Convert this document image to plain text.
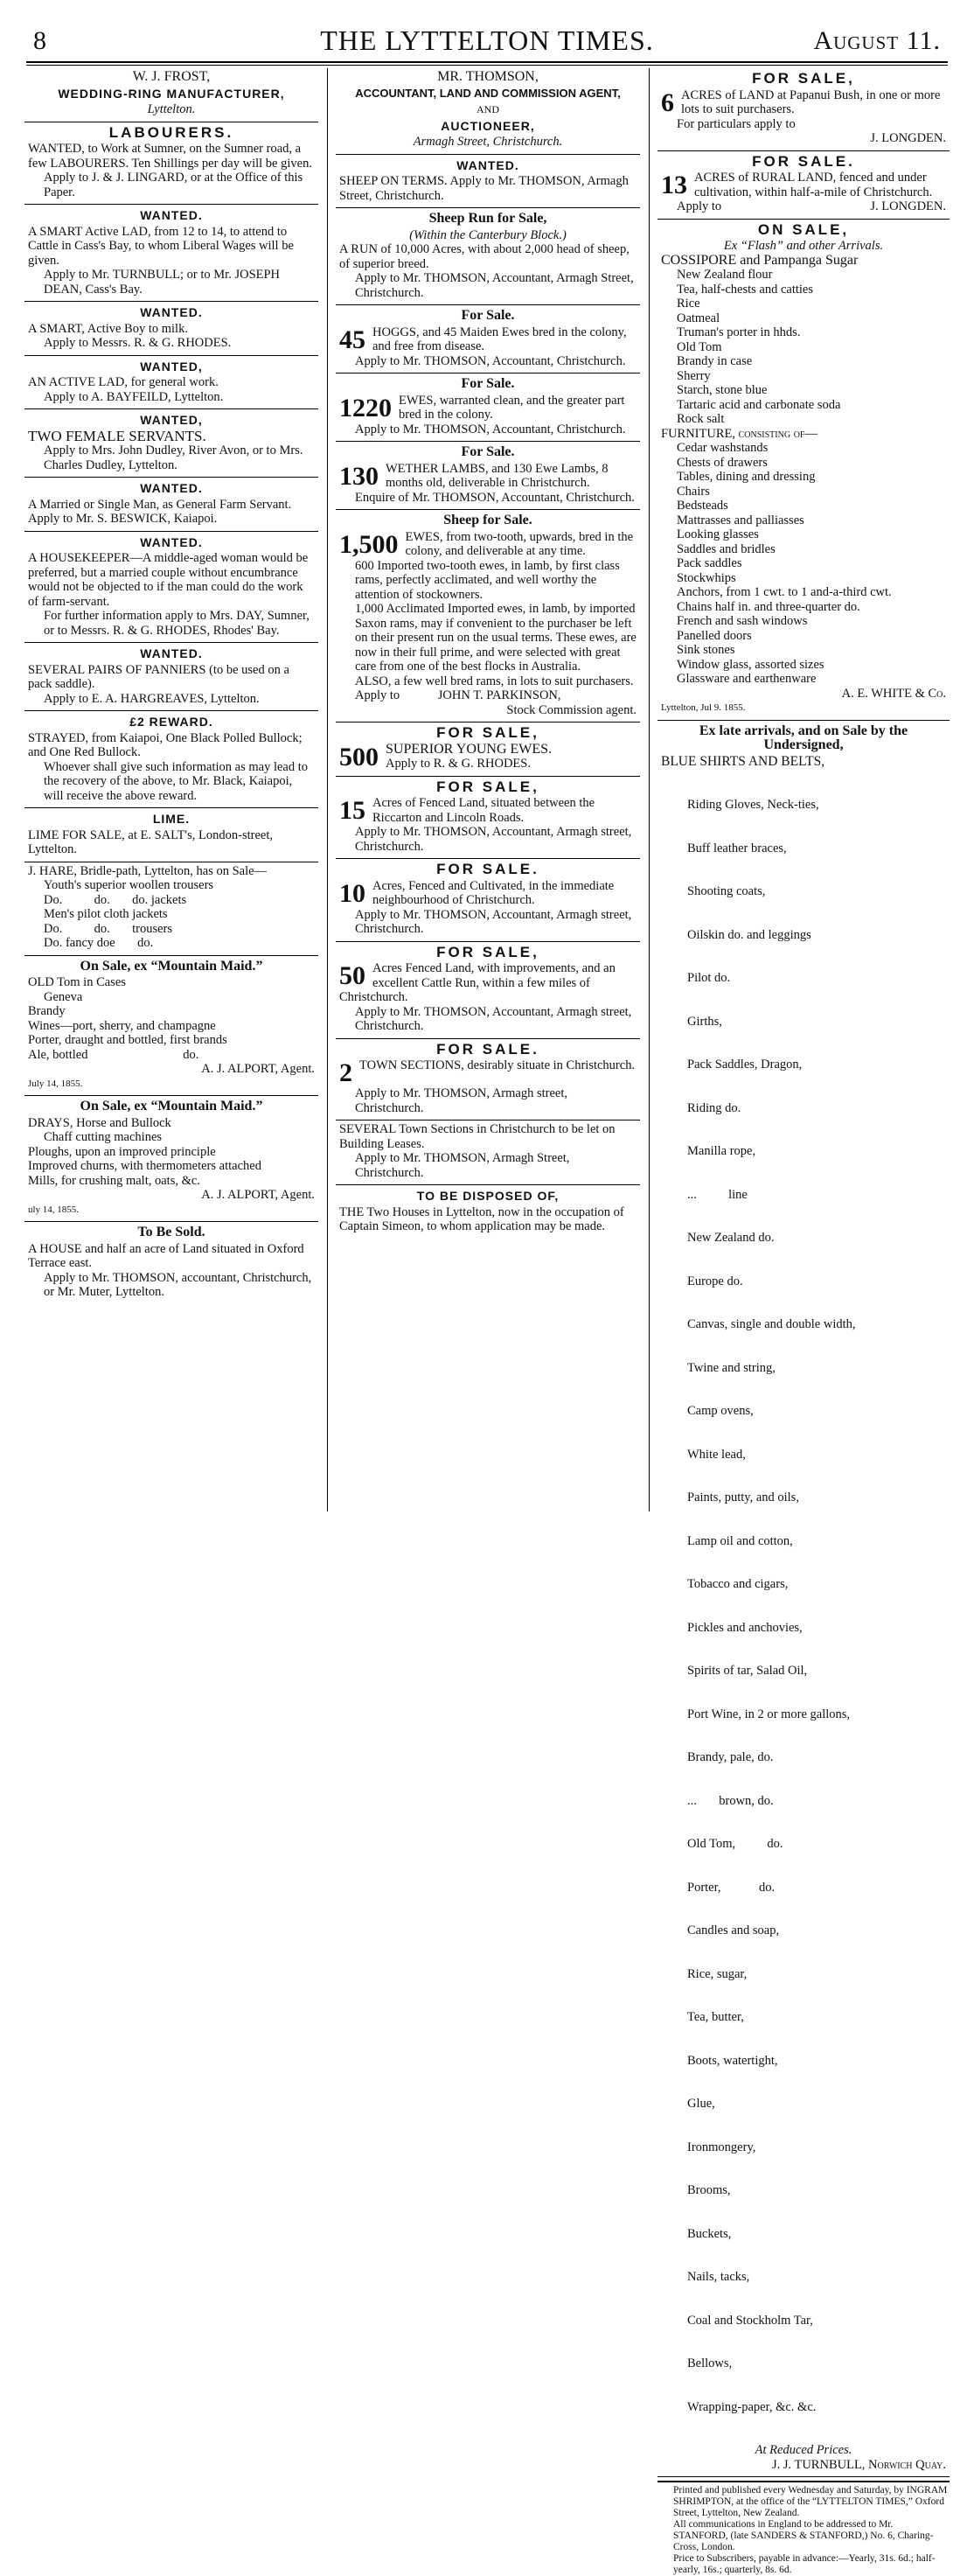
8	THE LYTTELTON TIMES.	August 11.
W. J. FROST,
WEDDING-RING MANUFACTURER,
Lyttelton.
LABOURERS.
WANTED, to Work at Sumner, on the Sumner road, a few LABOURERS. Ten Shillings per day will be given.
Apply to J. & J. LINGARD, or at the Office of this Paper.
WANTED.
A SMART Active LAD, from 12 to 14, to attend to Cattle in Cass's Bay, to whom Liberal Wages will be given.
Apply to Mr. TURNBULL; or to Mr. JOSEPH DEAN, Cass's Bay.
WANTED.
A SMART, Active Boy to milk.
Apply to Messrs. R. & G. RHODES.
WANTED,
AN ACTIVE LAD, for general work.
Apply to A. BAYFEILD, Lyttelton.
WANTED,
TWO FEMALE SERVANTS.
Apply to Mrs. John Dudley, River Avon, or to Mrs. Charles Dudley, Lyttelton.
WANTED.
A Married or Single Man, as General Farm Servant. Apply to Mr. S. BESWICK, Kaiapoi.
WANTED.
A HOUSEKEEPER—A middle-aged woman would be preferred, but a married couple without encumbrance would not be objected to if the man could do the work of farm-servant.
For further information apply to Mrs. DAY, Sumner, or to Messrs. R. & G. RHODES, Rhodes' Bay.
WANTED.
SEVERAL PAIRS OF PANNIERS (to be used on a pack saddle).
Apply to E. A. HARGREAVES, Lyttelton.
£2 REWARD.
STRAYED, from Kaiapoi, One Black Polled Bullock; and One Red Bullock.
Whoever shall give such information as may lead to the recovery of the above, to Mr. Black, Kaiapoi, will receive the above reward.
LIME.
LIME FOR SALE, at E. SALT's, London-street, Lyttelton.
J. HARE, Bridle-path, Lyttelton, has on Sale—
Youth's superior woollen trousers
Do.	do. do. jackets
Men's pilot cloth jackets
Do.	do. trousers
Do. fancy doe do.
On Sale, ex “Mountain Maid.”
OLD Tom in Cases
Geneva
Brandy
Wines—port, sherry, and champagne
Porter, draught and bottled, first brands
Ale, bottled                              do.
A. J. ALPORT, Agent.
July 14, 1855.
On Sale, ex “Mountain Maid.”
DRAYS, Horse and Bullock
Chaff cutting machines
Ploughs, upon an improved principle
Improved churns, with thermometers attached
Mills, for crushing malt, oats, &c.
A. J. ALPORT, Agent.
uly 14, 1855.
To Be Sold.
A HOUSE and half an acre of Land situated in Oxford Terrace east.
Apply to Mr. THOMSON, accountant, Christchurch, or Mr. Muter, Lyttelton.
MR. THOMSON,
ACCOUNTANT, LAND AND COMMISSION AGENT,
AND
AUCTIONEER,
Armagh Street, Christchurch.
WANTED.
SHEEP ON TERMS. Apply to Mr. THOMSON, Armagh Street, Christchurch.
Sheep Run for Sale,
(Within the Canterbury Block.)
A RUN of 10,000 Acres, with about 2,000 head of sheep, of superior breed.
Apply to Mr. THOMSON, Accountant, Armagh Street, Christchurch.
For Sale.
45 HOGGS, and 45 Maiden Ewes bred in the colony, and free from disease.
Apply to Mr. THOMSON, Accountant, Christchurch.
For Sale.
1220 EWES, warranted clean, and the greater part bred in the colony.
Apply to Mr. THOMSON, Accountant, Christchurch.
For Sale.
130 WETHER LAMBS, and 130 Ewe Lambs, 8 months old, deliverable in Christchurch.
Enquire of Mr. THOMSON, Accountant, Christchurch.
Sheep for Sale.
1,500 EWES, from two-tooth, upwards, bred in the colony, and deliverable at any time.
600 Imported two-tooth ewes, in lamb, by first class rams, perfectly acclimated, and well worthy the attention of stockowners.
1,000 Acclimated Imported ewes, in lamb, by imported Saxon rams, may if convenient to the purchaser be left on their present run on the usual terms. These ewes, are now in their full prime, and were selected with great care from one of the best flocks in Australia.
ALSO, a few well bred rams, in lots to suit purchasers.
Apply to	JOHN T. PARKINSON,
Stock Commission agent.
FOR SALE,
500 SUPERIOR YOUNG EWES.
Apply to R. & G. RHODES.
FOR SALE,
15 Acres of Fenced Land, situated between the Riccarton and Lincoln Roads.
Apply to Mr. THOMSON, Accountant, Armagh street, Christchurch.
FOR SALE.
10 Acres, Fenced and Cultivated, in the immediate neighbourhood of Christchurch.
Apply to Mr. THOMSON, Accountant, Armagh street, Christchurch.
FOR SALE,
50 Acres Fenced Land, with improvements, and an excellent Cattle Run, within a few miles of Christchurch.
Apply to Mr. THOMSON, Accountant, Armagh street, Christchurch.
FOR SALE.
2 TOWN SECTIONS, desirably situate in Christchurch.
Apply to Mr. THOMSON, Armagh street, Christchurch.
SEVERAL Town Sections in Christchurch to be let on Building Leases.
Apply to Mr. THOMSON, Armagh Street, Christchurch.
TO BE DISPOSED OF,
THE Two Houses in Lyttelton, now in the occupation of Captain Simeon, to whom application may be made.
FOR SALE,
6 ACRES of LAND at Papanui Bush, in one or more lots to suit purchasers.
For particulars apply to
J. LONGDEN.
FOR SALE.
13 ACRES of RURAL LAND, fenced and under cultivation, within half-a-mile of Christchurch.
Apply to	J. LONGDEN.
ON SALE,
Ex “Flash” and other Arrivals.
COSSIPORE and Pampanga Sugar
New Zealand flour
Tea, half-chests and catties
Rice
Oatmeal
Truman's porter in hhds.
Old Tom
Brandy in case
Sherry
Starch, stone blue
Tartaric acid and carbonate soda
Rock salt
FURNITURE, consisting of—
Cedar washstands
Chests of drawers
Tables, dining and dressing
Chairs
Bedsteads
Mattrasses and palliasses
Looking glasses
Saddles and bridles
Pack saddles
Stockwhips
Anchors, from 1 cwt. to 1 and-a-third cwt.
Chains half in. and three-quarter do.
French and sash windows
Panelled doors
Sink stones
Window glass, assorted sizes
Glassware and earthenware
A. E. WHITE & Co.
Lyttelton, Jul 9. 1855.
Ex late arrivals, and on Sale by the Undersigned,
BLUE SHIRTS AND BELTS,

Riding Gloves, Neck-ties,

Buff leather braces,

Shooting coats,

Oilskin do. and leggings

Pilot do.

Girths,

Pack Saddles, Dragon,

Riding do.

Manilla rope,

...          line

New Zealand do.

Europe do.

Canvas, single and double width,

Twine and string,

Camp ovens,

White lead,

Paints, putty, and oils,

Lamp oil and cotton,

Tobacco and cigars,

Pickles and anchovies,

Spirits of tar, Salad Oil,

Port Wine, in 2 or more gallons,

Brandy, pale, do.

...       brown, do.

Old Tom,          do.

Porter,            do.

Candles and soap,

Rice, sugar,

Tea, butter,

Boots, watertight,

Glue,

Ironmongery,

Brooms,

Buckets,

Nails, tacks,

Coal and Stockholm Tar,

Bellows,

Wrapping-paper, &c. &c.

At Reduced Prices.
J. J. TURNBULL, Norwich Quay.
Printed and published every Wednesday and Saturday, by INGRAM SHRIMPTON, at the office of the “LYTTELTON TIMES,” Oxford Street, Lyttelton, New Zealand.
All communications in England to be addressed to Mr. STANFORD, (late SANDERS & STANFORD,) No. 6, Charing-Cross, London.
Price to Subscribers, payable in advance:—Yearly, 31s. 6d.; half-yearly, 16s.; quarterly, 8s. 6d.
